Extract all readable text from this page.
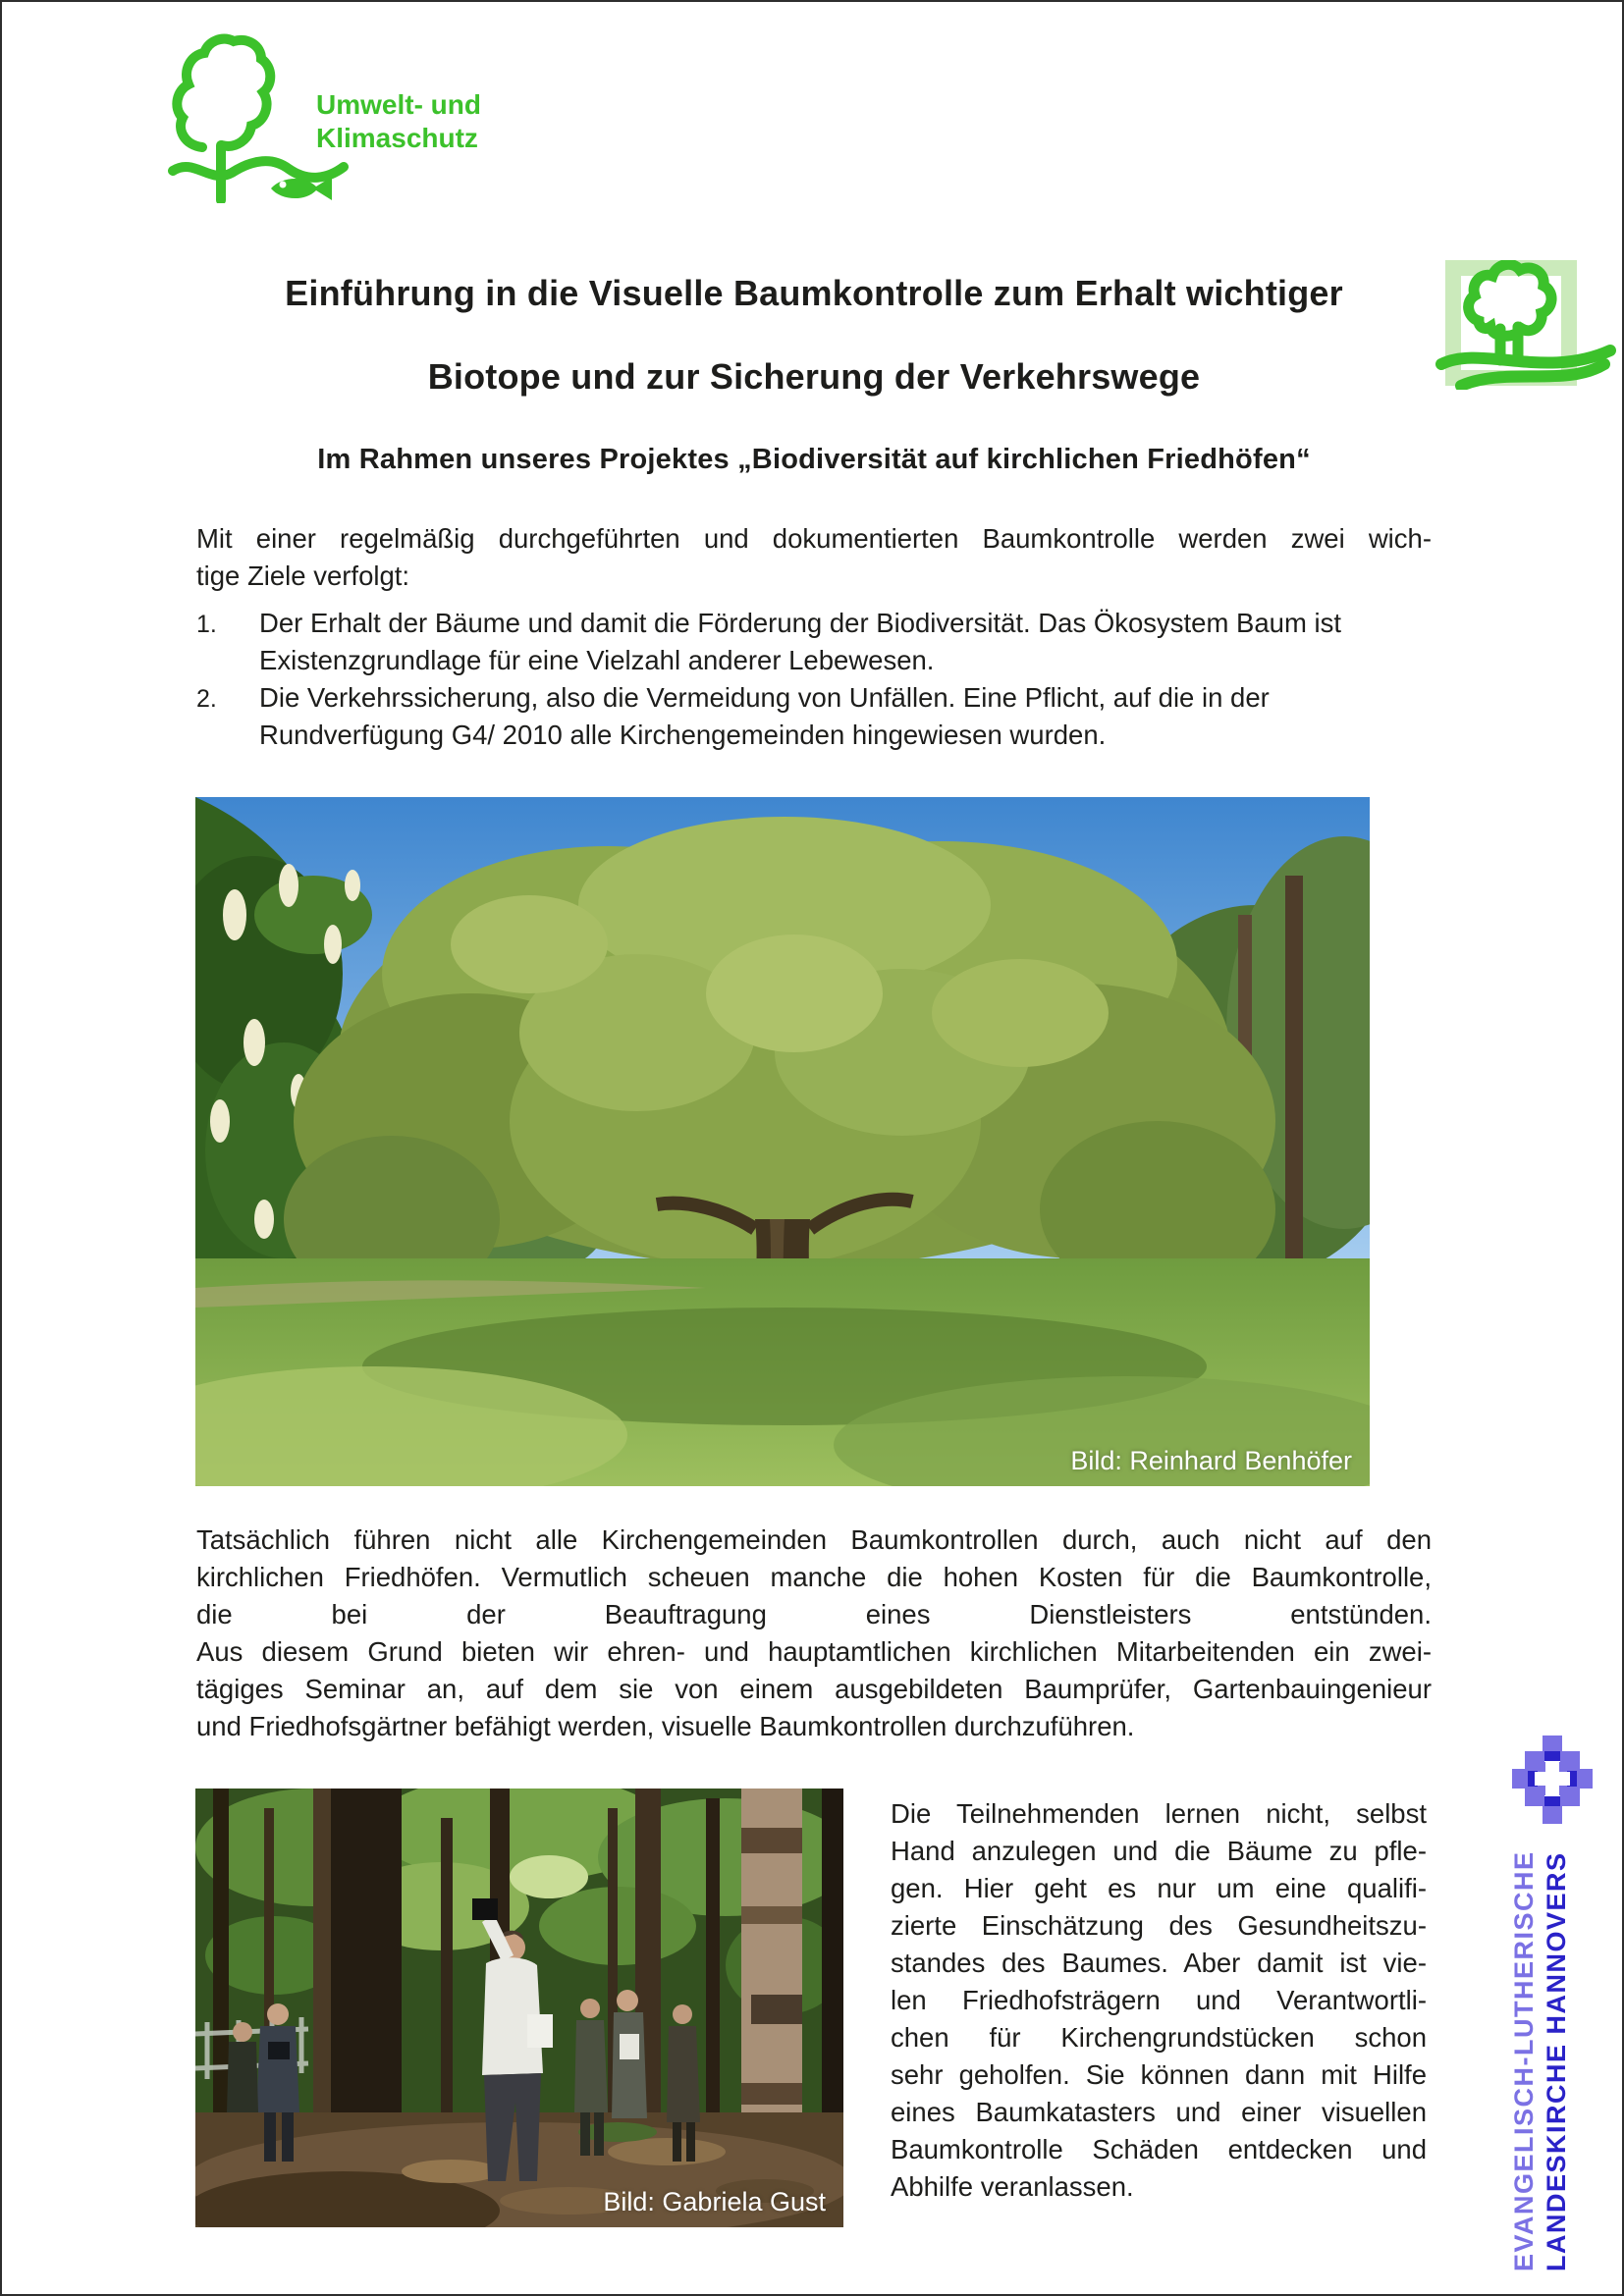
Umwelt- und
Klimaschutz
Einführung in die Visuelle Baumkontrolle zum Erhalt wichtiger
Biotope und zur Sicherung der Verkehrswege
Im Rahmen unseres Projektes „Biodiversität auf kirchlichen Friedhöfen“
Mit einer regelmäßig durchgeführten und dokumentierten Baumkontrolle werden zwei wich-
tige Ziele verfolgt:
1.	Der Erhalt der Bäume und damit die Förderung der Biodiversität. Das Ökosystem Baum ist
Existenzgrundlage für eine Vielzahl anderer Lebewesen.
2.	Die Verkehrssicherung, also die Vermeidung von Unfällen. Eine Pflicht, auf die in der
Rundverfügung G4/ 2010 alle Kirchengemeinden hingewiesen wurden.
Bild: Reinhard Benhöfer
Tatsächlich führen nicht alle Kirchengemeinden Baumkontrollen durch, auch nicht auf den
kirchlichen Friedhöfen. Vermutlich scheuen manche die hohen Kosten für die Baumkontrolle,
die bei der Beauftragung eines Dienstleisters entstünden.
Aus diesem Grund bieten wir ehren- und hauptamtlichen kirchlichen Mitarbeitenden ein zwei-
tägiges Seminar an, auf dem sie von einem ausgebildeten Baumprüfer, Gartenbauingenieur
und Friedhofsgärtner befähigt werden, visuelle Baumkontrollen durchzuführen.
Bild: Gabriela Gust
Die Teilnehmenden lernen nicht, selbst
Hand anzulegen und die Bäume zu pfle-
gen. Hier geht es nur um eine qualifi-
zierte Einschätzung des Gesundheitszu-
standes des Baumes. Aber damit ist vie-
len Friedhofsträgern und Verantwortli-
chen für Kirchengrundstücken schon
sehr geholfen. Sie können dann mit Hilfe
eines Baumkatasters und einer visuellen
Baumkontrolle Schäden entdecken und
Abhilfe veranlassen.	EVANGELISCH-LUTHERISCHE LANDESKIRCHE HANNOVERS
